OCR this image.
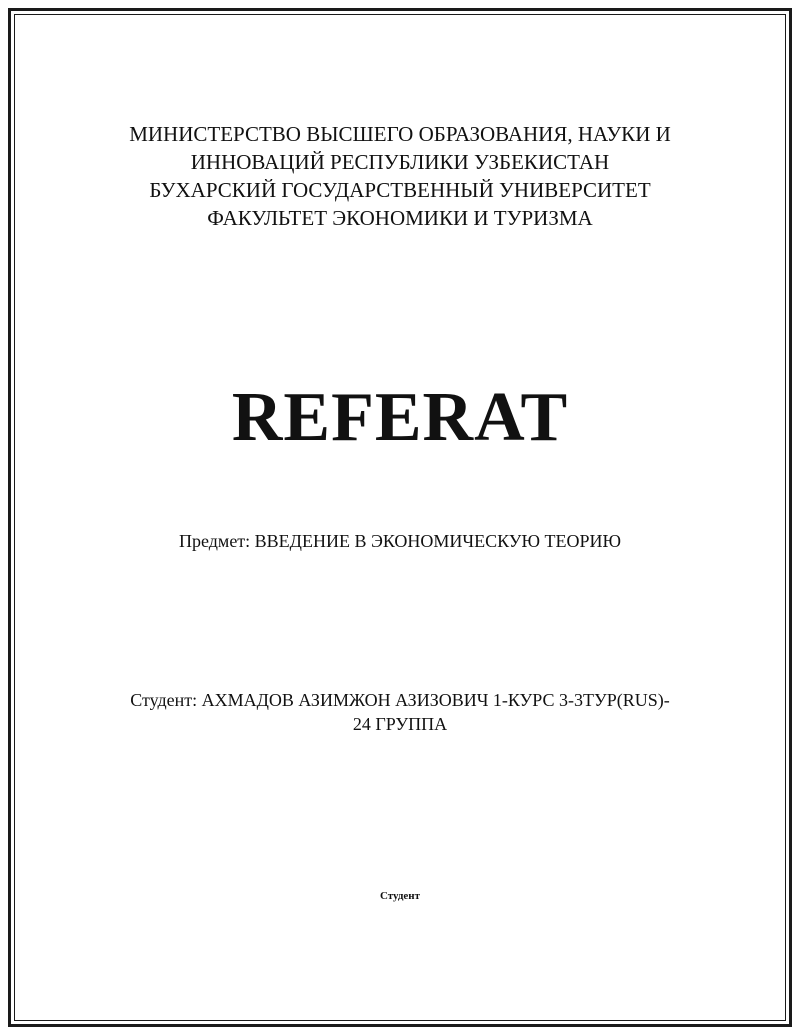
МИНИСТЕРСТВО ВЫСШЕГО ОБРАЗОВАНИЯ, НАУКИ И
ИННОВАЦИЙ РЕСПУБЛИКИ УЗБЕКИСТАН
БУХАРСКИЙ ГОСУДАРСТВЕННЫЙ УНИВЕРСИТЕТ
ФАКУЛЬТЕТ ЭКОНОМИКИ И ТУРИЗМА
REFERAT
Предмет: ВВЕДЕНИЕ В ЭКОНОМИЧЕСКУЮ ТЕОРИЮ
Студент: АХМАДОВ АЗИМЖОН АЗИЗОВИЧ 1-КУРС 3-3ТУР(RUS)-
24 ГРУППА
Студент
